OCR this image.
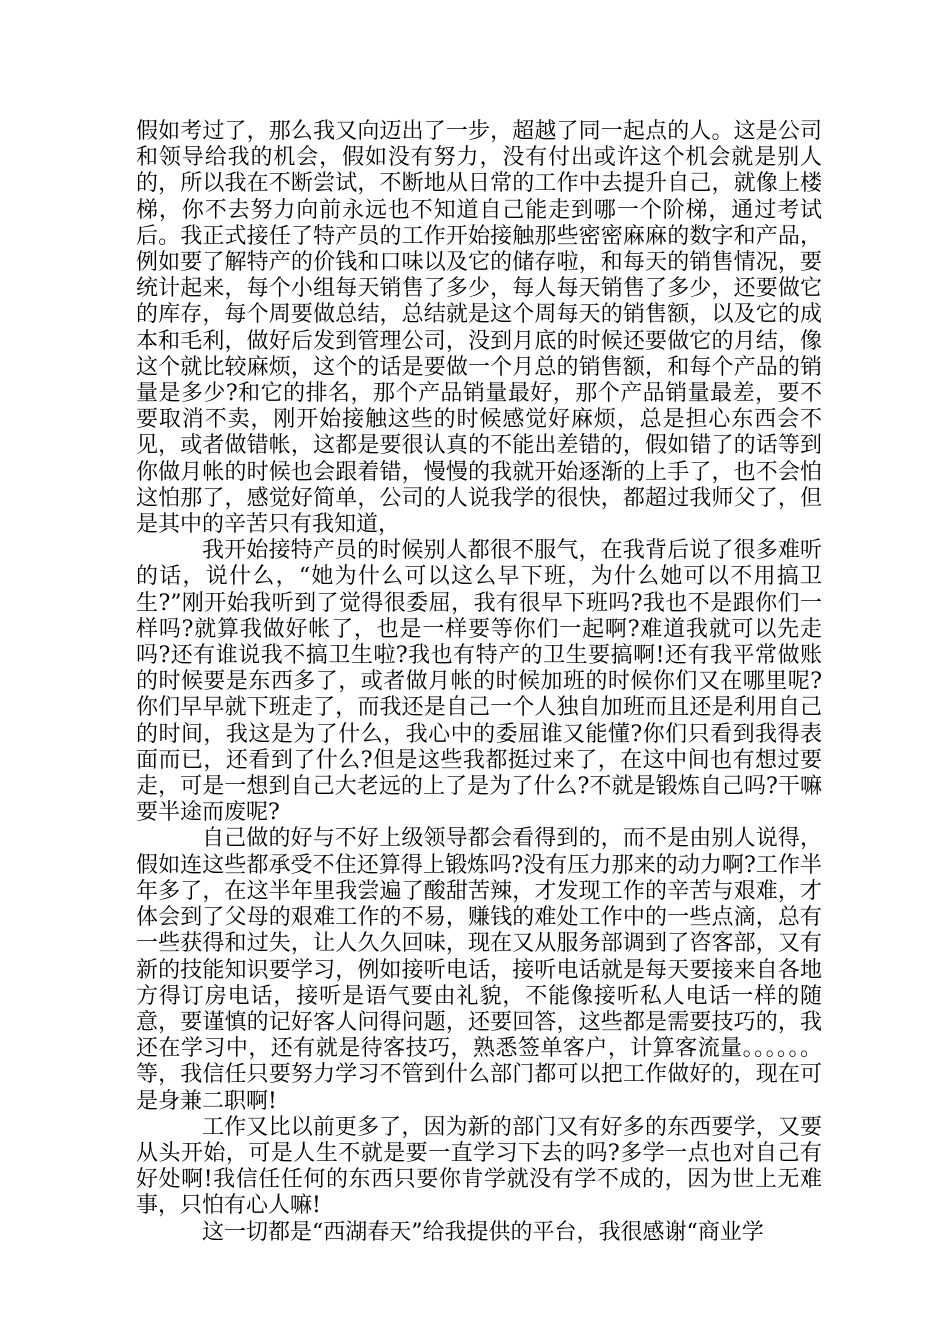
假如考过了，那么我又向迈出了一步，超越了同一起点的人。这是公司和领导给我的机会，假如没有努力，没有付出或许这个机会就是别人的，所以我在不断尝试，不断地从日常的工作中去提升自己，就像上楼梯，你不去努力向前永远也不知道自己能走到哪一个阶梯，通过考试后。我正式接任了特产员的工作开始接触那些密密麻麻的数字和产品，例如要了解特产的价钱和口味以及它的储存啦，和每天的销售情况，要统计起来，每个小组每天销售了多少，每人每天销售了多少，还要做它的库存，每个周要做总结，总结就是这个周每天的销售额，以及它的成本和毛利，做好后发到管理公司，没到月底的时候还要做它的月结，像这个就比较麻烦，这个的话是要做一个月总的销售额，和每个产品的销量是多少?和它的排名，那个产品销量最好，那个产品销量最差，要不要取消不卖，刚开始接触这些的时候感觉好麻烦，总是担心东西会不见，或者做错帐，这都是要很认真的不能出差错的，假如错了的话等到你做月帐的时候也会跟着错，慢慢的我就开始逐渐的上手了，也不会怕这怕那了，感觉好简单，公司的人说我学的很快，都超过我师父了，但是其中的辛苦只有我知道，

我开始接特产员的时候别人都很不服气，在我背后说了很多难听的话，说什么，“她为什么可以这么早下班，为什么她可以不用搞卫生?”刚开始我听到了觉得很委屈，我有很早下班吗?我也不是跟你们一样吗?就算我做好帐了，也是一样要等你们一起啊?难道我就可以先走吗?还有谁说我不搞卫生啦?我也有特产的卫生要搞啊!还有我平常做账的时候要是东西多了，或者做月帐的时候加班的时候你们又在哪里呢?你们早早就下班走了，而我还是自己一个人独自加班而且还是利用自己的时间，我这是为了什么，我心中的委屈谁又能懂?你们只看到我得表面而已，还看到了什么?但是这些我都挺过来了，在这中间也有想过要走，可是一想到自己大老远的上了是为了什么?不就是锻炼自己吗?干嘛要半途而废呢?

自己做的好与不好上级领导都会看得到的，而不是由别人说得，假如连这些都承受不住还算得上锻炼吗?没有压力那来的动力啊?工作半年多了，在这半年里我尝遍了酸甜苦辣，才发现工作的辛苦与艰难，才体会到了父母的艰难工作的不易，赚钱的难处工作中的一些点滴，总有一些获得和过失，让人久久回味，现在又从服务部调到了咨客部，又有新的技能知识要学习，例如接听电话，接听电话就是每天要接来自各地方得订房电话，接听是语气要由礼貌，不能像接听私人电话一样的随意，要谨慎的记好客人问得问题，还要回答，这些都是需要技巧的，我还在学习中，还有就是待客技巧，熟悉签单客户，计算客流量。。。。。。等，我信任只要努力学习不管到什么部门都可以把工作做好的，现在可是身兼二职啊!

工作又比以前更多了，因为新的部门又有好多的东西要学，又要从头开始，可是人生不就是要一直学习下去的吗?多学一点也对自己有好处啊!我信任任何的东西只要你肯学就没有学不成的，因为世上无难事，只怕有心人嘛!

这一切都是“西湖春天”给我提供的平台，我很感谢“商业学
